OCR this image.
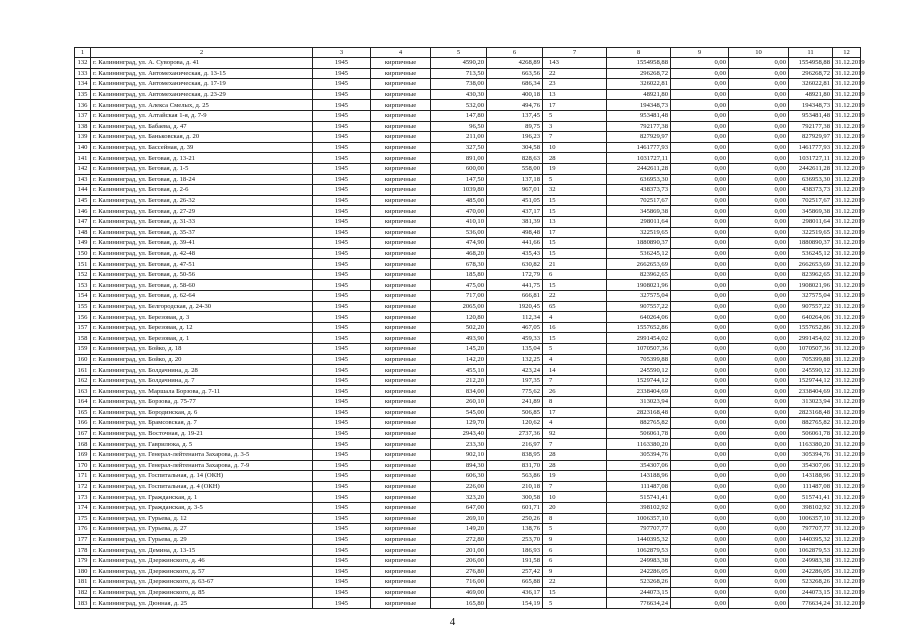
1	2	3	4	5	6	7	8	9	10	11	12
132	г. Калининград, ул. А. Суворова, д. 41	1945	кирпичные	4590,20	4268,89	143	1554958,88	0,00	0,00	1554958,88	31.12.2019
133	г. Калининград, ул. Автомеханическая, д. 13-15	1945	кирпичные	713,50	663,56	22	296268,72	0,00	0,00	296268,72	31.12.2019
134	г. Калининград, ул. Автомеханическая, д. 17-19	1945	кирпичные	738,00	686,34	23	326022,81	0,00	0,00	326022,81	31.12.2019
135	г. Калининград, ул. Автомеханическая, д. 23-29	1945	кирпичные	430,30	400,18	13	48921,80	0,00	0,00	48921,80	31.12.2019
136	г. Калининград, ул. Алекса Смелых, д. 25	1945	кирпичные	532,00	494,76	17	194348,73	0,00	0,00	194348,73	31.12.2019
137	г. Калининград, ул. Алтайская 1-я, д. 7-9	1945	кирпичные	147,80	137,45	5	953481,48	0,00	0,00	953481,48	31.12.2019
138	г. Калининград, ул. Бабаева, д. 47	1945	кирпичные	96,50	89,75	3	792177,38	0,00	0,00	792177,38	31.12.2019
139	г. Калининград, ул. Баньковская, д. 20	1945	кирпичные	211,00	196,23	7	827929,97	0,00	0,00	827929,97	31.12.2019
140	г. Калининград, ул. Бассейная, д. 39	1945	кирпичные	327,50	304,58	10	1461777,93	0,00	0,00	1461777,93	31.12.2019
141	г. Калининград, ул. Беговая, д. 13-21	1945	кирпичные	891,00	828,63	28	1031727,11	0,00	0,00	1031727,11	31.12.2019
142	г. Калининград, ул. Беговая, д. 1-5	1945	кирпичные	600,00	558,00	19	2442611,28	0,00	0,00	2442611,28	31.12.2019
143	г. Калининград, ул. Беговая, д. 18-24	1945	кирпичные	147,50	137,18	5	636953,30	0,00	0,00	636953,30	31.12.2019
144	г. Калининград, ул. Беговая, д. 2-6	1945	кирпичные	1039,80	967,01	32	438373,73	0,00	0,00	438373,73	31.12.2019
145	г. Калининград, ул. Беговая, д. 26-32	1945	кирпичные	485,00	451,05	15	702517,67	0,00	0,00	702517,67	31.12.2019
146	г. Калининград, ул. Беговая, д. 27-29	1945	кирпичные	470,00	437,17	15	345869,38	0,00	0,00	345869,38	31.12.2019
147	г. Калининград, ул. Беговая, д. 31-33	1945	кирпичные	410,10	381,39	13	298011,64	0,00	0,00	298011,64	31.12.2019
148	г. Калининград, ул. Беговая, д. 35-37	1945	кирпичные	536,00	498,48	17	322519,65	0,00	0,00	322519,65	31.12.2019
149	г. Калининград, ул. Беговая, д. 39-41	1945	кирпичные	474,90	441,66	15	1880890,37	0,00	0,00	1880890,37	31.12.2019
150	г. Калининград, ул. Беговая, д. 42-48	1945	кирпичные	468,20	435,43	15	536245,12	0,00	0,00	536245,12	31.12.2019
151	г. Калининград, ул. Беговая, д. 47-51	1945	кирпичные	678,30	630,82	21	2662653,69	0,00	0,00	2662653,69	31.12.2019
152	г. Калининград, ул. Беговая, д. 50-56	1945	кирпичные	185,80	172,79	6	823962,65	0,00	0,00	823962,65	31.12.2019
153	г. Калининград, ул. Беговая, д. 58-60	1945	кирпичные	475,00	441,75	15	1908021,96	0,00	0,00	1908021,96	31.12.2019
154	г. Калининград, ул. Беговая, д. 62-64	1945	кирпичные	717,00	666,81	22	327575,04	0,00	0,00	327575,04	31.12.2019
155	г. Калининград, ул. Белгородская, д. 24-30	1945	кирпичные	2065,00	1920,45	65	907557,22	0,00	0,00	907557,22	31.12.2019
156	г. Калининград, ул. Березовая, д. 3	1945	кирпичные	120,80	112,34	4	640264,06	0,00	0,00	640264,06	31.12.2019
157	г. Калининград, ул. Березовая, д. 12	1945	кирпичные	502,20	467,05	16	1557652,86	0,00	0,00	1557652,86	31.12.2019
158	г. Калининград, ул. Березовая, д. 1	1945	кирпичные	493,90	459,33	15	2991454,02	0,00	0,00	2991454,02	31.12.2019
159	г. Калининград, ул. Бойко, д. 18	1945	кирпичные	145,20	135,04	5	1070507,36	0,00	0,00	1070507,36	31.12.2019
160	г. Калининград, ул. Бойко, д. 20	1945	кирпичные	142,20	132,25	4	705399,88	0,00	0,00	705399,88	31.12.2019
161	г. Калининград, ул. Болдачнина, д. 28	1945	кирпичные	455,10	423,24	14	245590,12	0,00	0,00	245590,12	31.12.2019
162	г. Калининград, ул. Болдачнина, д. 7	1945	кирпичные	212,20	197,35	7	1529744,12	0,00	0,00	1529744,12	31.12.2019
163	г. Калининград, ул. Маршала Борзова, д. 7-11	1945	кирпичные	834,00	775,62	26	2338404,69	0,00	0,00	2338404,69	31.12.2019
164	г. Калининград, ул. Борзова, д. 75-77	1945	кирпичные	260,10	241,89	8	313023,94	0,00	0,00	313023,94	31.12.2019
165	г. Калининград, ул. Бородинская, д. 6	1945	кирпичные	545,00	506,85	17	2823168,48	0,00	0,00	2823168,48	31.12.2019
166	г. Калининград, ул. Брамсовская, д. 7	1945	кирпичные	129,70	120,62	4	882765,82	0,00	0,00	882765,82	31.12.2019
167	г. Калининград, ул. Восточная, д. 19-21	1945	кирпичные	2943,40	2737,36	92	506061,78	0,00	0,00	506061,78	31.12.2019
168	г. Калининград, ул. Гаврилюка, д. 5	1945	кирпичные	233,30	216,97	7	1163380,20	0,00	0,00	1163380,20	31.12.2019
169	г. Калининград, ул. Генерал-лейтенанта Захарова, д. 3-5	1945	кирпичные	902,10	838,95	28	305394,76	0,00	0,00	305394,76	31.12.2019
170	г. Калининград, ул. Генерал-лейтенанта Захарова, д. 7-9	1945	кирпичные	894,30	831,70	28	354307,06	0,00	0,00	354307,06	31.12.2019
171	г. Калининград, ул. Госпитальная, д. 14 (ОКН)	1945	кирпичные	606,30	563,86	19	143188,96	0,00	0,00	143188,96	31.12.2019
172	г. Калининград, ул. Госпитальная, д. 4 (ОКН)	1945	кирпичные	226,00	210,18	7	111487,08	0,00	0,00	111487,08	31.12.2019
173	г. Калининград, ул. Гражданская, д. 1	1945	кирпичные	323,20	300,58	10	515741,41	0,00	0,00	515741,41	31.12.2019
174	г. Калининград, ул. Гражданская, д. 3-5	1945	кирпичные	647,00	601,71	20	398102,92	0,00	0,00	398102,92	31.12.2019
175	г. Калининград, ул. Гурьева, д. 12	1945	кирпичные	269,10	250,26	8	1006357,10	0,00	0,00	1006357,10	31.12.2019
176	г. Калининград, ул. Гурьева, д. 27	1945	кирпичные	149,20	138,76	5	797707,77	0,00	0,00	797707,77	31.12.2019
177	г. Калининград, ул. Гурьева, д. 29	1945	кирпичные	272,80	253,70	9	1440395,32	0,00	0,00	1440395,32	31.12.2019
178	г. Калининград, ул. Демина, д. 13-15	1945	кирпичные	201,00	186,93	6	1062879,53	0,00	0,00	1062879,53	31.12.2019
179	г. Калининград, ул. Дзержинского, д. 46	1945	кирпичные	206,00	191,58	6	249983,38	0,00	0,00	249983,38	31.12.2019
180	г. Калининград, ул. Дзержинского, д. 57	1945	кирпичные	276,80	257,42	9	242286,05	0,00	0,00	242286,05	31.12.2019
181	г. Калининград, ул. Дзержинского, д. 63-67	1945	кирпичные	716,00	665,88	22	523268,26	0,00	0,00	523268,26	31.12.2019
182	г. Калининград, ул. Дзержинского, д. 85	1945	кирпичные	469,00	436,17	15	244073,15	0,00	0,00	244073,15	31.12.2019
183	г. Калининград, ул. Дюнная, д. 25	1945	кирпичные	165,80	154,19	5	776634,24	0,00	0,00	776634,24	31.12.2019
4
